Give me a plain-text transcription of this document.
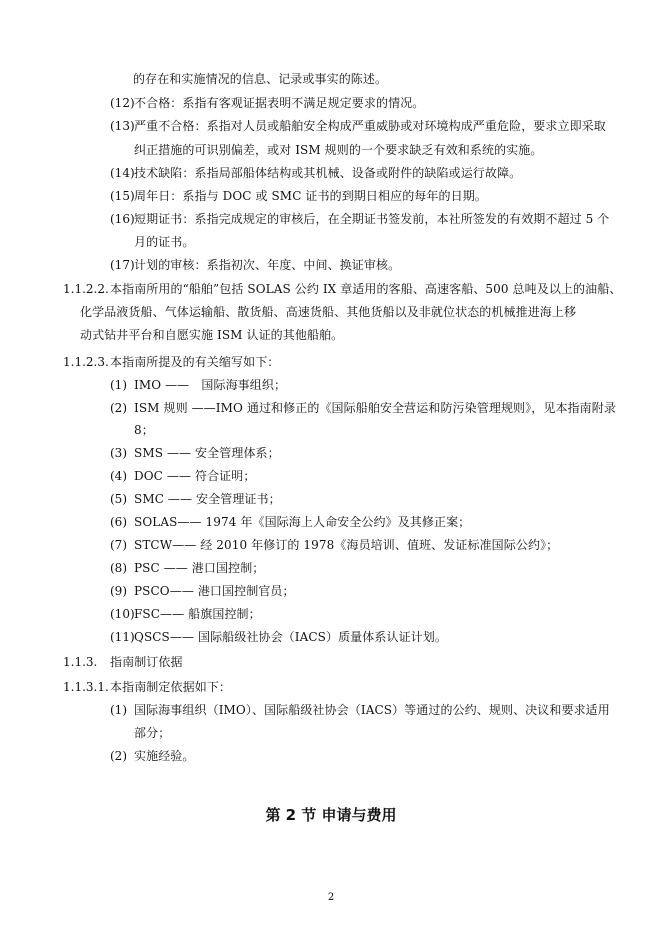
的存在和实施情况的信息、记录或事实的陈述。
(12) 不合格：系指有客观证据表明不满足规定要求的情况。
(13) 严重不合格：系指对人员或船舶安全构成严重威胁或对环境构成严重危险，要求立即采取
纠正措施的可识别偏差，或对 ISM 规则的一个要求缺乏有效和系统的实施。
(14) 技术缺陷：系指局部船体结构或其机械、设备或附件的缺陷或运行故障。
(15) 周年日：系指与 DOC 或 SMC 证书的到期日相应的每年的日期。
(16) 短期证书：系指完成规定的审核后，在全期证书签发前，本社所签发的有效期不超过 5 个
月的证书。
(17) 计划的审核：系指初次、年度、中间、换证审核。
1.1.2.2. 本指南所用的“船舶”包括 SOLAS 公约 IX 章适用的客船、高速客船、500 总吨及以上的油船、
化学品液货船、气体运输船、散货船、高速货船、其他货船以及非就位状态的机械推进海上移
动式钻井平台和自愿实施 ISM 认证的其他船舶。
1.1.2.3. 本指南所提及的有关缩写如下：
(1) IMO ——　国际海事组织；
(2) ISM 规则 ——IMO 通过和修正的《国际船舶安全营运和防污染管理规则》，见本指南附录
8；
(3) SMS —— 安全管理体系；
(4) DOC —— 符合证明；
(5) SMC —— 安全管理证书；
(6) SOLAS—— 1974 年《国际海上人命安全公约》及其修正案；
(7) STCW—— 经 2010 年修订的 1978《海员培训、值班、发证标准国际公约》；
(8) PSC —— 港口国控制；
(9) PSCO—— 港口国控制官员；
(10) FSC—— 船旗国控制；
(11) QSCS—— 国际船级社协会（IACS）质量体系认证计划。
1.1.3. 指南制订依据
1.1.3.1. 本指南制定依据如下：
(1) 国际海事组织（IMO）、国际船级社协会（IACS）等通过的公约、规则、决议和要求适用
部分；
(2) 实施经验。
第 2 节 申请与费用
2
